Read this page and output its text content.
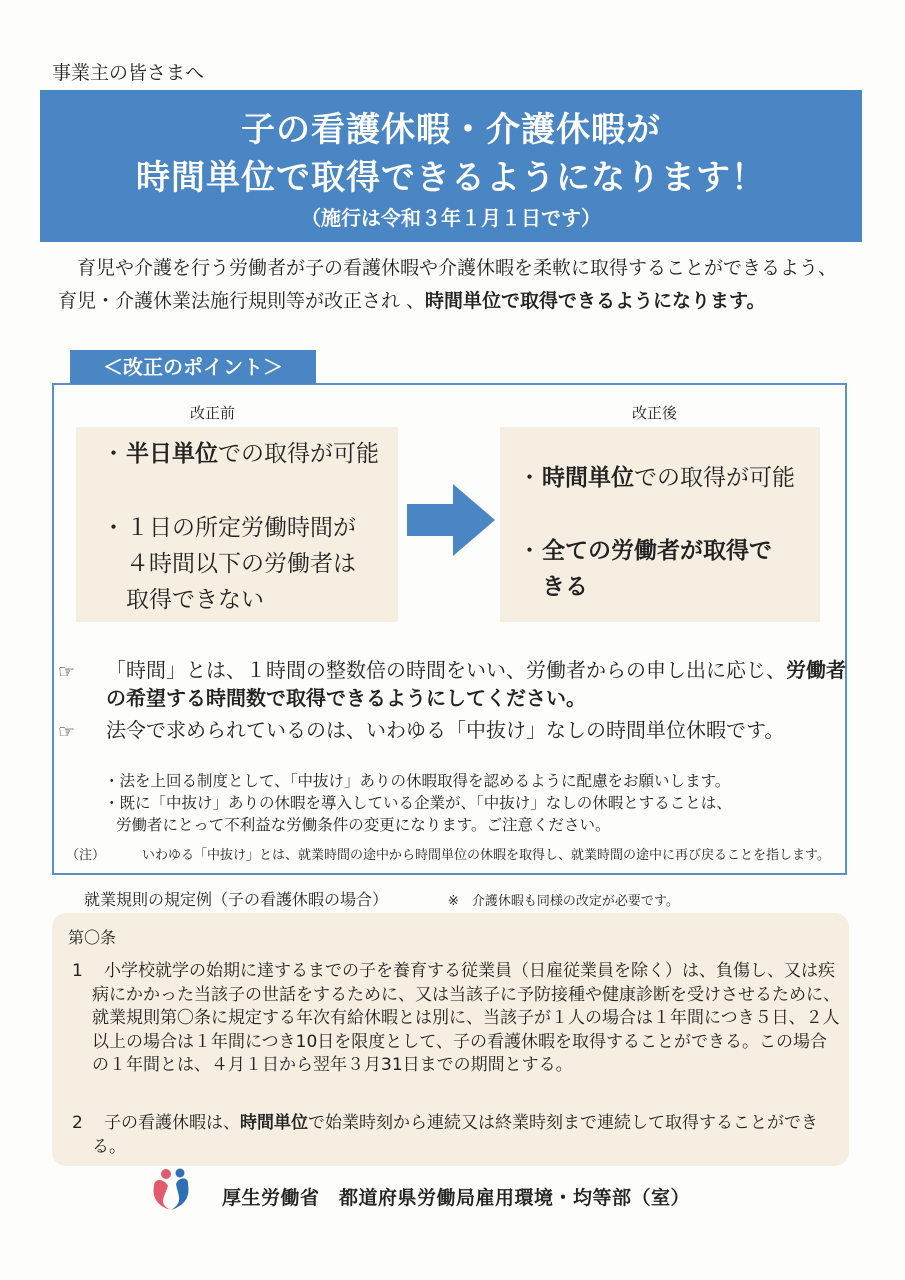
事業主の皆さまへ
子の看護休暇・介護休暇が
時間単位で取得できるようになります！
（施行は令和３年１月１日です）
育児や介護を行う労働者が子の看護休暇や介護休暇を柔軟に取得することができるよう、育児・介護休業法施行規則等が改正され 、時間単位で取得できるようになります。
＜改正のポイント＞
改正前	改正後
・ 半日単位での取得が可能
・ １日の所定労働時間が４時間以下の労働者は取得できない
・ 時間単位での取得が可能
・ 全ての労働者が取得できる
☞ 「時間」とは、１時間の整数倍の時間をいい、労働者からの申し出に応じ、労働者の希望する時間数で取得できるようにしてください。
☞ 法令で求められているのは、いわゆる「中抜け」なしの時間単位休暇です。
・法を上回る制度として、「中抜け」ありの休暇取得を認めるように配慮をお願いします。
・既に「中抜け」ありの休暇を導入している企業が、「中抜け」なしの休暇とすることは、
労働者にとって不利益な労働条件の変更になります。ご注意ください。
（注）	いわゆる「中抜け」とは、就業時間の途中から時間単位の休暇を取得し、就業時間の途中に再び戻ることを指します。
就業規則の規定例（子の看護休暇の場合）	※　介護休暇も同様の改定が必要です。
第〇条
1	小学校就学の始期に達するまでの子を養育する従業員（日雇従業員を除く）は、負傷し、又は疾病にかかった当該子の世話をするために、又は当該子に予防接種や健康診断を受けさせるために、就業規則第〇条に規定する年次有給休暇とは別に、当該子が１人の場合は１年間につき５日、２人以上の場合は１年間につき10日を限度として、子の看護休暇を取得することができる。この場合の１年間とは、４月１日から翌年３月31日までの期間とする。
2	子の看護休暇は、時間単位で始業時刻から連続又は終業時刻まで連続して取得することができる。
厚生労働省　都道府県労働局雇用環境・均等部（室）
